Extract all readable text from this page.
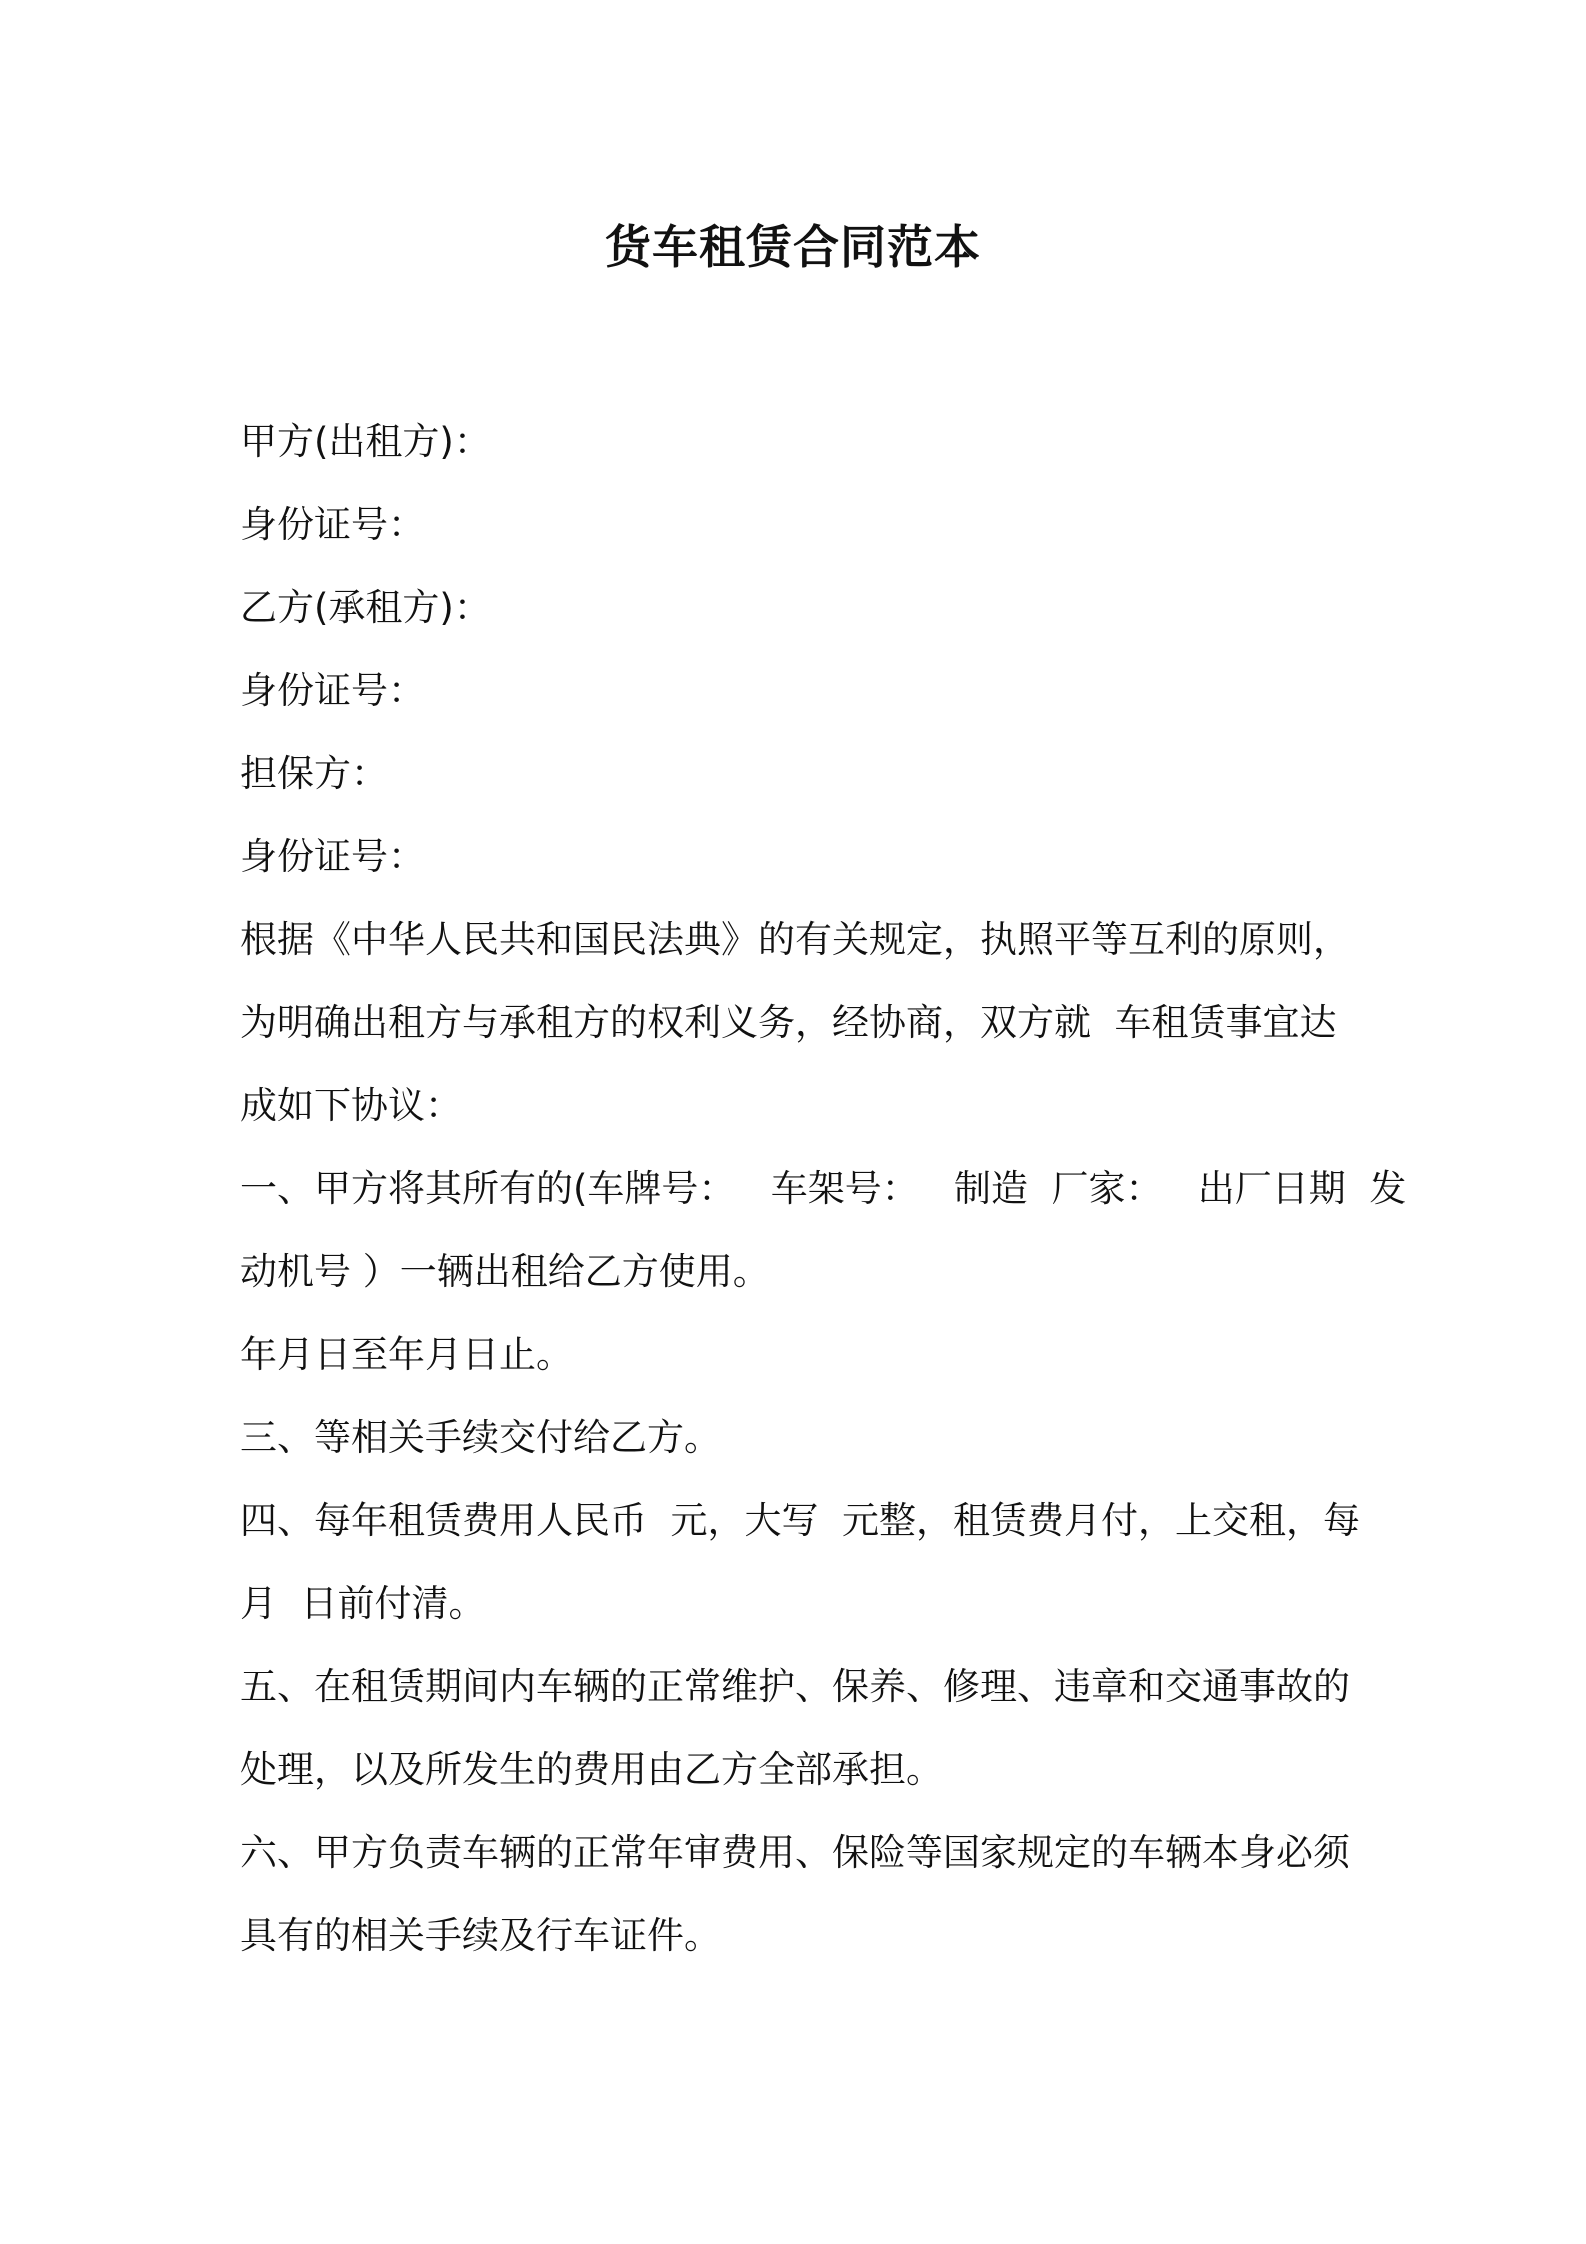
货车租赁合同范本
甲方(出租方)：
身份证号：
乙方(承租方)：
身份证号：
担保方：
身份证号：
根据《中华人民共和国民法典》的有关规定，执照平等互利的原则，
为明确出租方与承租方的权利义务，经协商，双方就  车租赁事宜达
成如下协议：
一、甲方将其所有的(车牌号：   车架号：   制造  厂家：   出厂日期  发
动机号 ）一辆出租给乙方使用。
年月日至年月日止。
三、等相关手续交付给乙方。
四、每年租赁费用人民币  元，大写  元整，租赁费月付，上交租，每
月  日前付清。
五、在租赁期间内车辆的正常维护、保养、修理、违章和交通事故的
处理，以及所发生的费用由乙方全部承担。
六、甲方负责车辆的正常年审费用、保险等国家规定的车辆本身必须
具有的相关手续及行车证件。
